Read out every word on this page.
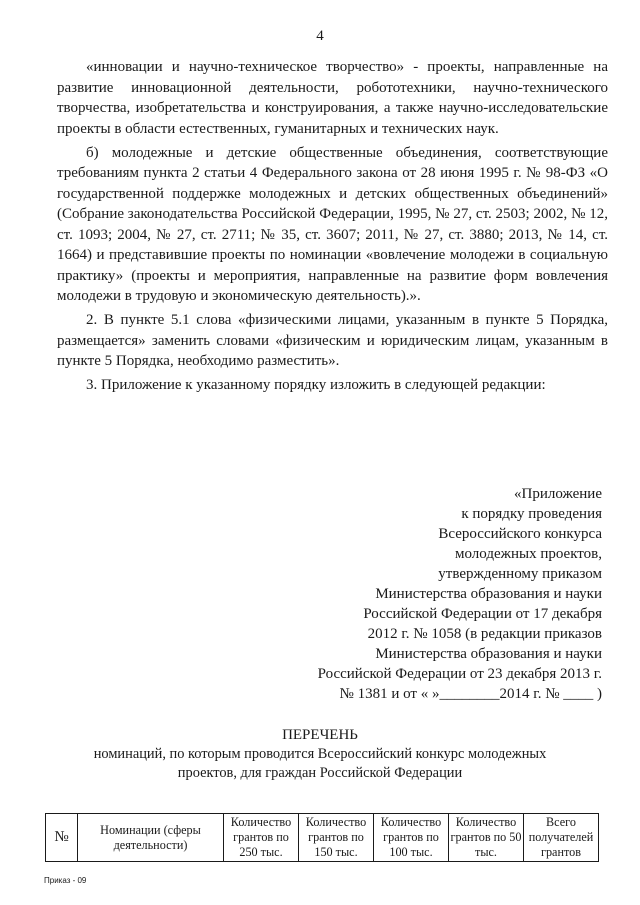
4

«инновации и научно-техническое творчество» - проекты, направленные на развитие инновационной деятельности, робототехники, научно-технического творчества, изобретательства и конструирования, а также научно-исследовательские проекты в области естественных, гуманитарных и технических наук.

б) молодежные и детские общественные объединения, соответствующие требованиям пункта 2 статьи 4 Федерального закона от 28 июня 1995 г. № 98-ФЗ «О государственной поддержке молодежных и детских общественных объединений» (Собрание законодательства Российской Федерации, 1995, № 27, ст. 2503; 2002, № 12, ст. 1093; 2004, № 27, ст. 2711; № 35, ст. 3607; 2011, № 27, ст. 3880; 2013, № 14, ст. 1664) и представившие проекты по номинации «вовлечение молодежи в социальную практику» (проекты и мероприятия, направленные на развитие форм вовлечения молодежи в трудовую и экономическую деятельность).».

2. В пункте 5.1 слова «физическими лицами, указанным в пункте 5 Порядка, размещается» заменить словами «физическим и юридическим лицам, указанным в пункте 5 Порядка, необходимо разместить».

3. Приложение к указанному порядку изложить в следующей редакции:

«Приложение
к порядку проведения
Всероссийского конкурса
молодежных проектов,
утвержденному приказом
Министерства образования и науки
Российской Федерации от 17 декабря
2012 г. № 1058 (в редакции приказов
Министерства образования и науки
Российской Федерации от 23 декабря 2013 г.
№ 1381 и от « »________2014 г. № ____ )
ПЕРЕЧЕНЬ
номинаций, по которым проводится Всероссийский конкурс молодежных
проектов, для граждан Российской Федерации
№	Номинации (сферы деятельности)	Количество грантов по 250 тыс.	Количество грантов по 150 тыс.	Количество грантов по 100 тыс.	Количество грантов по 50 тыс.	Всего получателей грантов
Приказ - 09
